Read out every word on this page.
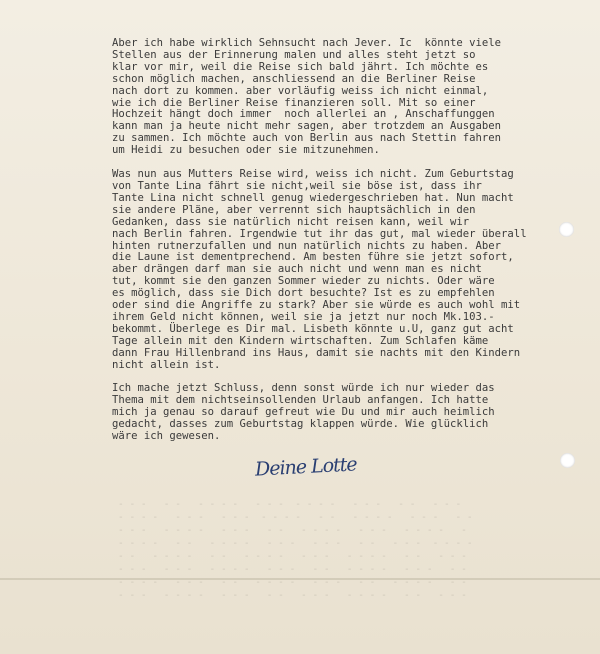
- - -   - -   - - - -   - - -  - - - -   - - -   - -   - - -
- - - -   - - -   - - -  - - - -   - -   - - - -   - - -   - -
- - -   - - - -   - - -   - -   - - - -   - - -   - - - -   -
- - - -   - -   - - - -   - - -   - - -   - -   - - -  - - - -
- -   - - - -   - -   - - - -   - - -   - - - -   - -   - - -
- - -   - - -   - - - -   - - -   - -   - - - -   - - -   - -
- - - -   - - -   - -   - - - -   - - -   - -   - - - -   - -
- - -   - - - -   - - -   - -   - - -   - - - -   - -   - - -
Aber ich habe wirklich Sehnsucht nach Jever. Ic  könnte viele
Stellen aus der Erinnerung malen und alles steht jetzt so
klar vor mir, weil die Reise sich bald jährt. Ich möchte es
schon möglich machen, anschliessend an die Berliner Reise
nach dort zu kommen. aber vorläufig weiss ich nicht einmal,
wie ich die Berliner Reise finanzieren soll. Mit so einer
Hochzeit hängt doch immer  noch allerlei an , Anschaffunggen
kann man ja heute nicht mehr sagen, aber trotzdem an Ausgaben
zu sammen. Ich möchte auch von Berlin aus nach Stettin fahren
um Heidi zu besuchen oder sie mitzunehmen.
Was nun aus Mutters Reise wird, weiss ich nicht. Zum Geburtstag
von Tante Lina fährt sie nicht,weil sie böse ist, dass ihr
Tante Lina nicht schnell genug wiedergeschrieben hat. Nun macht
sie andere Pläne, aber verrennt sich hauptsächlich in den
Gedanken, dass sie natürlich nicht reisen kann, weil wir
nach Berlin fahren. Irgendwie tut ihr das gut, mal wieder überall
hinten rutnerzufallen und nun natürlich nichts zu haben. Aber
die Laune ist dementprechend. Am besten führe sie jetzt sofort,
aber drängen darf man sie auch nicht und wenn man es nicht
tut, kommt sie den ganzen Sommer wieder zu nichts. Oder wäre
es möglich, dass sie Dich dort besuchte? Ist es zu empfehlen
oder sind die Angriffe zu stark? Aber sie würde es auch wohl mit
ihrem Geld nicht können, weil sie ja jetzt nur noch Mk.103.-
bekommt. Überlege es Dir mal. Lisbeth könnte u.U, ganz gut acht
Tage allein mit den Kindern wirtschaften. Zum Schlafen käme
dann Frau Hillenbrand ins Haus, damit sie nachts mit den Kindern
nicht allein ist.
Ich mache jetzt Schluss, denn sonst würde ich nur wieder das
Thema mit dem nichtseinsollenden Urlaub anfangen. Ich hatte
mich ja genau so darauf gefreut wie Du und mir auch heimlich
gedacht, dasses zum Geburtstag klappen würde. Wie glücklich
wäre ich gewesen.
Deine Lotte
